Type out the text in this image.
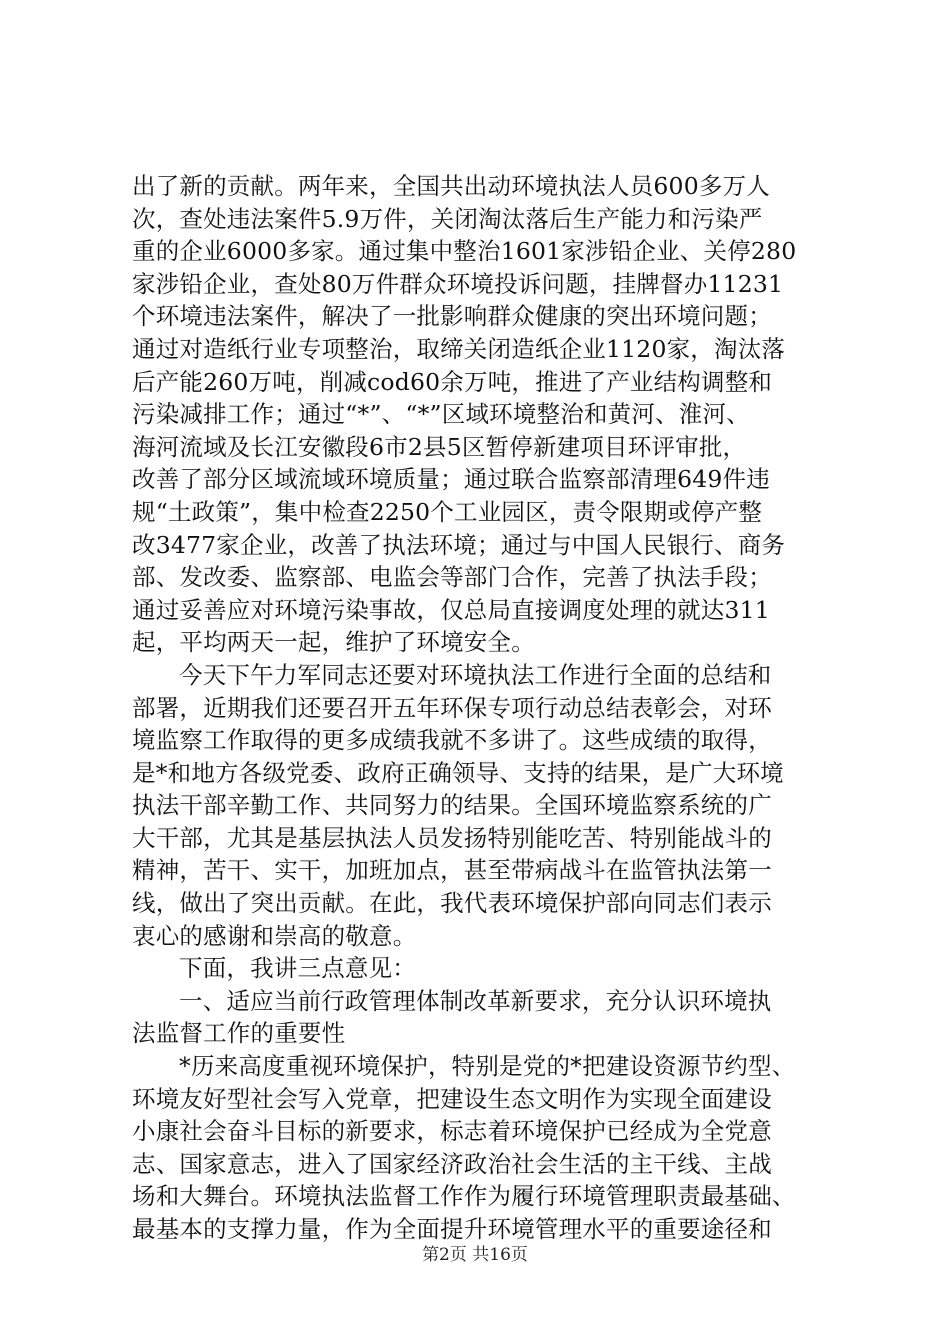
出了新的贡献。两年来，全国共出动环境执法人员600多万人
次，查处违法案件5.9万件，关闭淘汰落后生产能力和污染严
重的企业6000多家。通过集中整治1601家涉铅企业、关停280
家涉铅企业，查处80万件群众环境投诉问题，挂牌督办11231
个环境违法案件，解决了一批影响群众健康的突出环境问题；
通过对造纸行业专项整治，取缔关闭造纸企业1120家，淘汰落
后产能260万吨，削减cod60余万吨，推进了产业结构调整和
污染减排工作；通过“*”、“*”区域环境整治和黄河、淮河、
海河流域及长江安徽段6市2县5区暂停新建项目环评审批，
改善了部分区域流域环境质量；通过联合监察部清理649件违
规“土政策”，集中检查2250个工业园区，责令限期或停产整
改3477家企业，改善了执法环境；通过与中国人民银行、商务
部、发改委、监察部、电监会等部门合作，完善了执法手段；
通过妥善应对环境污染事故，仅总局直接调度处理的就达311
起，平均两天一起，维护了环境安全。
今天下午力军同志还要对环境执法工作进行全面的总结和
部署，近期我们还要召开五年环保专项行动总结表彰会，对环
境监察工作取得的更多成绩我就不多讲了。这些成绩的取得，
是*和地方各级党委、政府正确领导、支持的结果，是广大环境
执法干部辛勤工作、共同努力的结果。全国环境监察系统的广
大干部，尤其是基层执法人员发扬特别能吃苦、特别能战斗的
精神，苦干、实干，加班加点，甚至带病战斗在监管执法第一
线，做出了突出贡献。在此，我代表环境保护部向同志们表示
衷心的感谢和崇高的敬意。
下面，我讲三点意见：
一、适应当前行政管理体制改革新要求，充分认识环境执
法监督工作的重要性
*历来高度重视环境保护，特别是党的*把建设资源节约型、
环境友好型社会写入党章，把建设生态文明作为实现全面建设
小康社会奋斗目标的新要求，标志着环境保护已经成为全党意
志、国家意志，进入了国家经济政治社会生活的主干线、主战
场和大舞台。环境执法监督工作作为履行环境管理职责最基础、
最基本的支撑力量，作为全面提升环境管理水平的重要途径和
第2页 共16页
